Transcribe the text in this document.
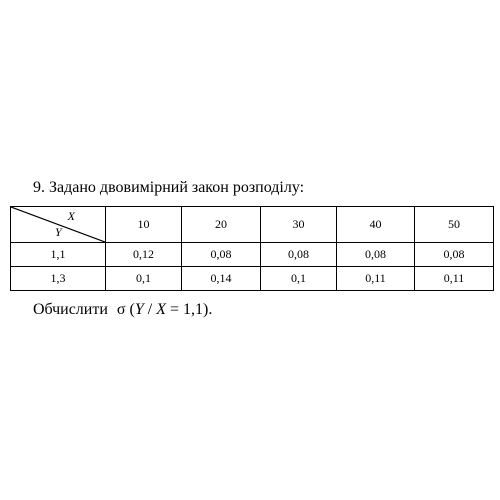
9. Задано двовимірний закон розподілу:
X
Y	10	20	30	40	50
1,1	0,12	0,08	0,08	0,08	0,08
1,3	0,1	0,14	0,1	0,11	0,11
Обчислити σ (Y / X = 1,1).
